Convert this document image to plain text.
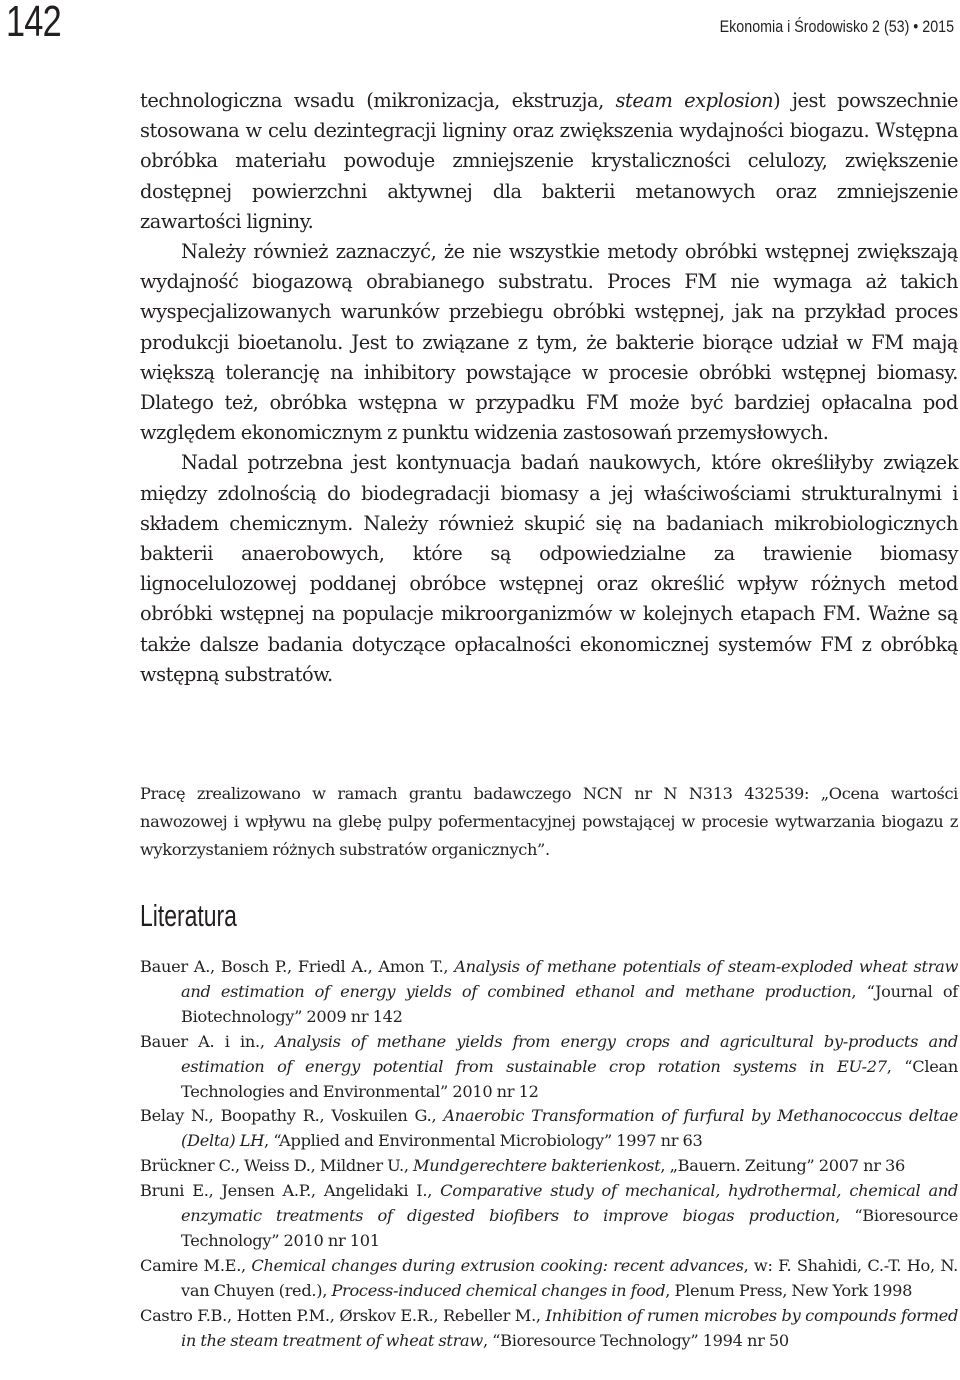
142	Ekonomia i Środowisko 2 (53) • 2015

technologiczna wsadu (mikronizacja, ekstruzja, steam explosion) jest powszechnie stosowana w celu dezintegracji ligniny oraz zwiększenia wydajności biogazu. Wstępna obróbka materiału powoduje zmniejszenie krystaliczności celulozy, zwiększenie dostępnej powierzchni aktywnej dla bakterii metanowych oraz zmniejszenie zawartości ligniny.

Należy również zaznaczyć, że nie wszystkie metody obróbki wstępnej zwiększają wydajność biogazową obrabianego substratu. Proces FM nie wymaga aż takich wyspecjalizowanych warunków przebiegu obróbki wstępnej, jak na przykład proces produkcji bioetanolu. Jest to związane z tym, że bakterie biorące udział w FM mają większą tolerancję na inhibitory powstające w procesie obróbki wstępnej biomasy. Dlatego też, obróbka wstępna w przypadku FM może być bardziej opłacalna pod względem ekonomicznym z punktu widzenia zastosowań przemysłowych.

Nadal potrzebna jest kontynuacja badań naukowych, które określiłyby związek między zdolnością do biodegradacji biomasy a jej właściwościami strukturalnymi i składem chemicznym. Należy również skupić się na badaniach mikrobiologicznych bakterii anaerobowych, które są odpowiedzialne za trawienie biomasy lignocelulozowej poddanej obróbce wstępnej oraz określić wpływ różnych metod obróbki wstępnej na populacje mikroorganizmów w kolejnych etapach FM. Ważne są także dalsze badania dotyczące opłacalności ekonomicznej systemów FM z obróbką wstępną substratów.

Pracę zrealizowano w ramach grantu badawczego NCN nr N N313 432539: „Ocena wartości nawozowej i wpływu na glebę pulpy pofermentacyjnej powstającej w procesie wytwarzania biogazu z wykorzystaniem różnych substratów organicznych”.
Literatura

Bauer A., Bosch P., Friedl A., Amon T., Analysis of methane potentials of steam-exploded wheat straw and estimation of energy yields of combined ethanol and methane production, “Journal of Biotechnology” 2009 nr 142

Bauer A. i in., Analysis of methane yields from energy crops and agricultural by-products and estimation of energy potential from sustainable crop rotation systems in EU-27, “Clean Technologies and Environmental” 2010 nr 12

Belay N., Boopathy R., Voskuilen G., Anaerobic Transformation of furfural by Methanococcus deltae (Delta) LH, “Applied and Environmental Microbiology” 1997 nr 63

Brückner C., Weiss D., Mildner U., Mundgerechtere bakterienkost, „Bauern. Zeitung” 2007 nr 36

Bruni E., Jensen A.P., Angelidaki I., Comparative study of mechanical, hydrothermal, chemical and enzymatic treatments of digested biofibers to improve biogas production, “Bioresource Technology” 2010 nr 101

Camire M.E., Chemical changes during extrusion cooking: recent advances, w: F. Shahidi, C.-T. Ho, N. van Chuyen (red.), Process-induced chemical changes in food, Plenum Press, New York 1998

Castro F.B., Hotten P.M., Ørskov E.R., Rebeller M., Inhibition of rumen microbes by compounds formed in the steam treatment of wheat straw, “Bioresource Technology” 1994 nr 50
